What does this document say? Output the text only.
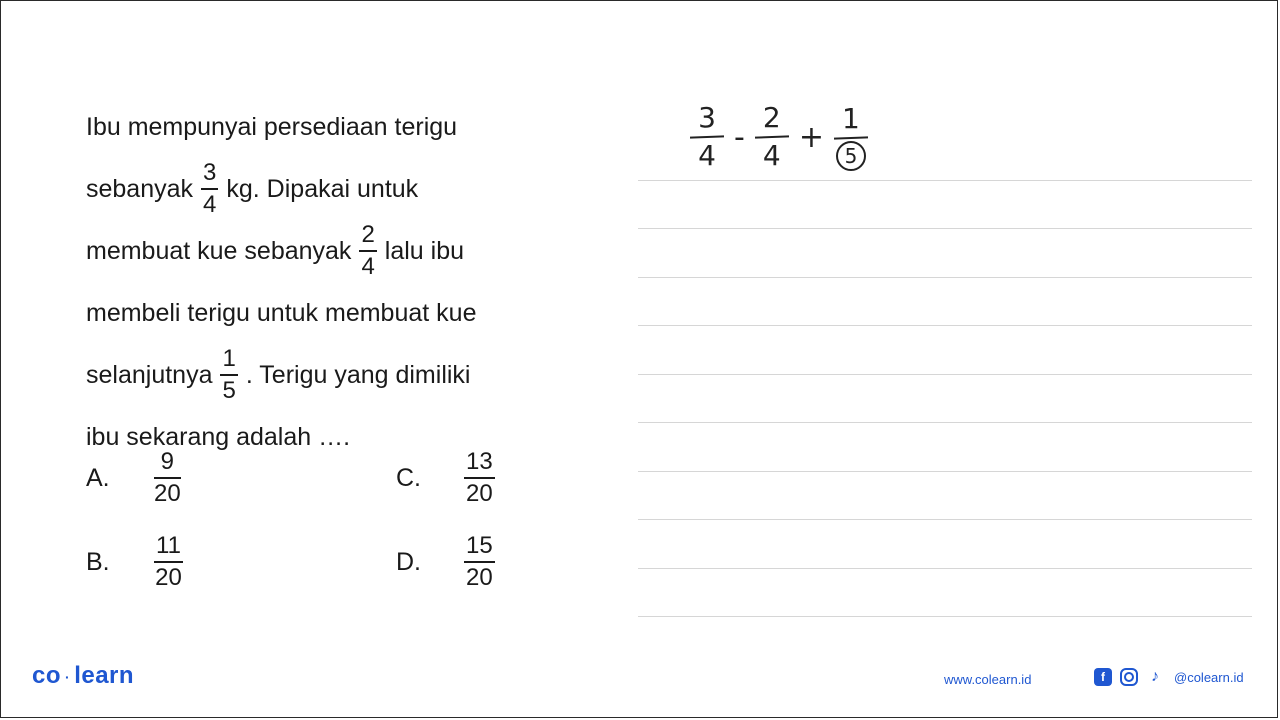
Ibu mempunyai persediaan terigu
sebanyak $\frac{3}{4}$ kg. Dipakai untuk
membuat kue sebanyak $\frac{2}{4}$ lalu ibu
membeli terigu untuk membuat kue
selanjutnya $\frac{1}{5}$ . Terigu yang dimiliki
ibu sekarang adalah ….
A.	$\frac{9}{20}$	C.	$\frac{13}{20}$
B.	$\frac{11}{20}$	D.	$\frac{15}{20}$
3
4
-
2
4
+
1
5
co · learn	www.colearn.id	f	♪	@colearn.id
